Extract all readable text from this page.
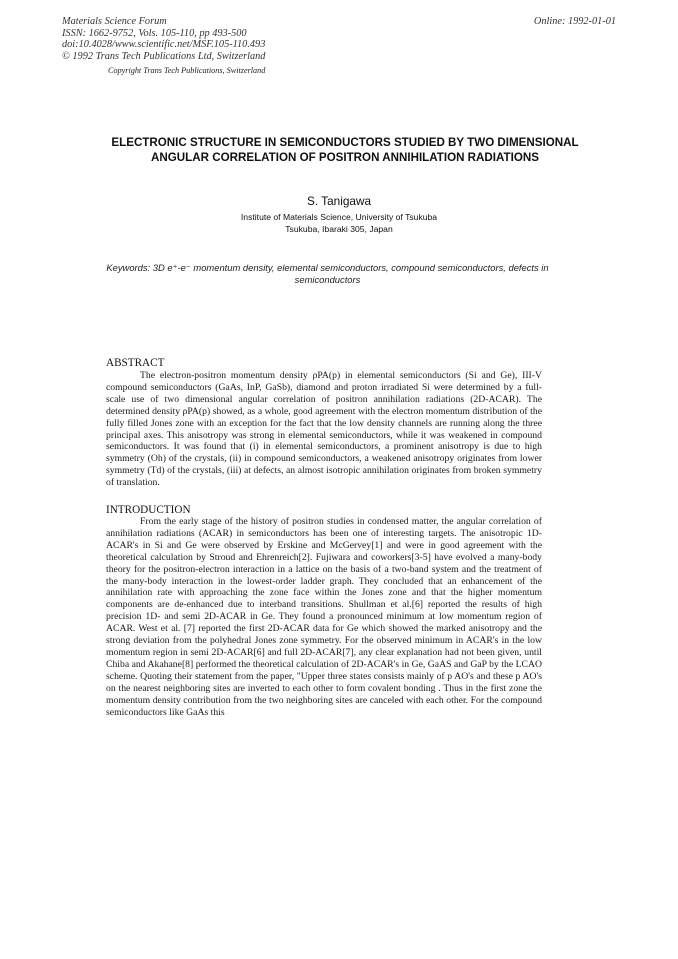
Materials Science Forum
ISSN: 1662-9752, Vols. 105-110, pp 493-500
doi:10.4028/www.scientific.net/MSF.105-110.493
© 1992 Trans Tech Publications Ltd, Switzerland
Online: 1992-01-01
Copyright Trans Tech Publications, Switzerland
ELECTRONIC STRUCTURE IN SEMICONDUCTORS STUDIED BY TWO DIMENSIONAL ANGULAR CORRELATION OF POSITRON ANNIHILATION RADIATIONS
S. Tanigawa
Institute of Materials Science, University of Tsukuba
Tsukuba, Ibaraki 305, Japan
Keywords: 3D e⁺-e⁻ momentum density, elemental semiconductors, compound semiconductors, defects in semiconductors
ABSTRACT

The electron-positron momentum density ρPA(p) in elemental semiconductors (Si and Ge), III-V compound semiconductors (GaAs, InP, GaSb), diamond and proton irradiated Si were determined by a full-scale use of two dimensional angular correlation of positron annihilation radiations (2D-ACAR). The determined density ρPA(p) showed, as a whole, good agreement with the electron momentum distribution of the fully filled Jones zone with an exception for the fact that the low density channels are running along the three principal axes. This anisotropy was strong in elemental semiconductors, while it was weakened in compound semiconductors. It was found that (i) in elemental semiconductors, a prominent anisotropy is due to high symmetry (Oh) of the crystals, (ii) in compound semiconductors, a weakened anisotropy originates from lower symmetry (Td) of the crystals, (iii) at defects, an almost isotropic annihilation originates from broken symmetry of translation.

INTRODUCTION

From the early stage of the history of positron studies in condensed matter, the angular correlation of annihilation radiations (ACAR) in semiconductors has been one of interesting targets. The anisotropic 1D-ACAR's in Si and Ge were observed by Erskine and McGervey[1] and were in good agreement with the theoretical calculation by Stroud and Ehrenreich[2]. Fujiwara and coworkers[3-5] have evolved a many-body theory for the positron-electron interaction in a lattice on the basis of a two-band system and the treatment of the many-body interaction in the lowest-order ladder graph. They concluded that an enhancement of the annihilation rate with approaching the zone face within the Jones zone and that the higher momentum components are de-enhanced due to interband transitions. Shullman et al.[6] reported the results of high precision 1D- and semi 2D-ACAR in Ge. They found a pronounced minimum at low momentum region of ACAR. West et al. [7] reported the first 2D-ACAR data for Ge which showed the marked anisotropy and the strong deviation from the polyhedral Jones zone symmetry. For the observed minimum in ACAR's in the low momentum region in semi 2D-ACAR[6] and full 2D-ACAR[7], any clear explanation had not been given, until Chiba and Akahane[8] performed the theoretical calculation of 2D-ACAR's in Ge, GaAS and GaP by the LCAO scheme. Quoting their statement from the paper, "Upper three states consists mainly of p AO's and these p AO's on the nearest neighboring sites are inverted to each other to form covalent bonding . Thus in the first zone the momentum density contribution from the two neighboring sites are canceled with each other. For the compound semiconductors like GaAs this
